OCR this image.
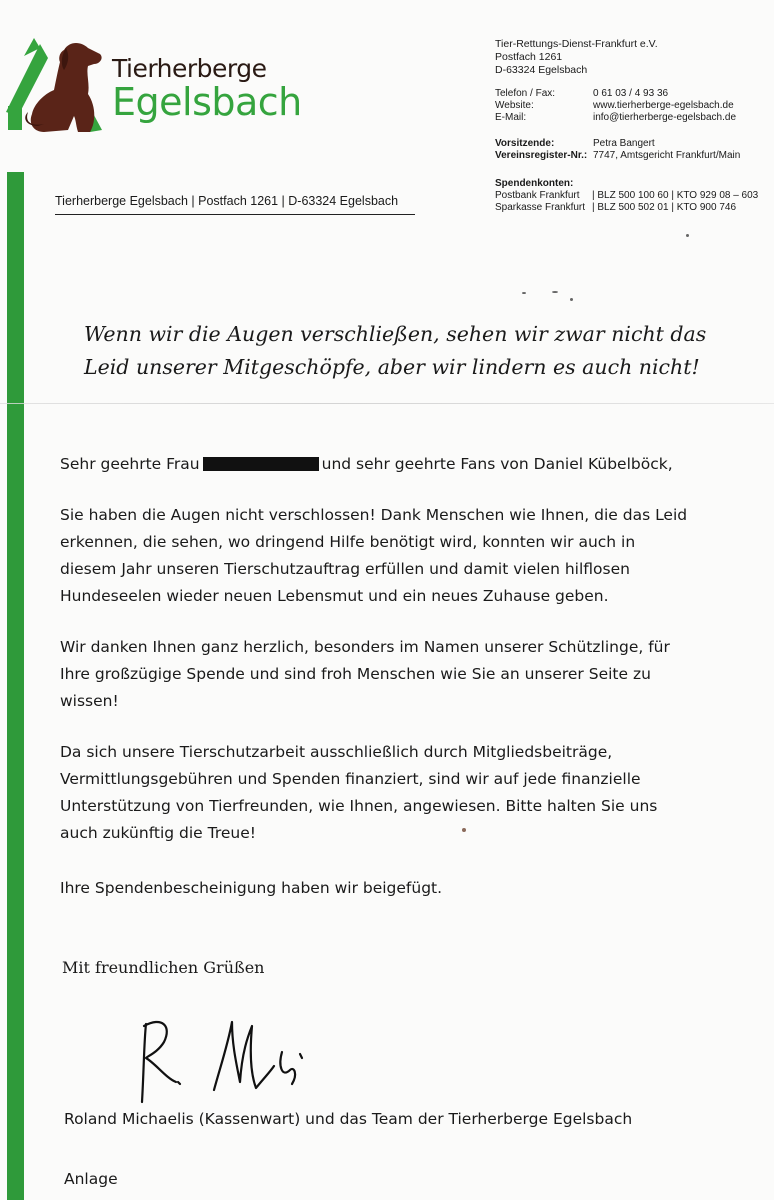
Tierherberge
Egelsbach
Tierherberge Egelsbach | Postfach 1261 | D-63324 Egelsbach
Tier-Rettungs-Dienst-Frankfurt e.V.
Postfach 1261
D-63324 Egelsbach
Telefon / Fax:	0 61 03 / 4 93 36
Website:	www.tierherberge-egelsbach.de
E-Mail:	info@tierherberge-egelsbach.de
Vorsitzende:	Petra Bangert
Vereinsregister-Nr.: 7747, Amtsgericht Frankfurt/Main
Spendenkonten:
Postbank Frankfurt	| BLZ 500 100 60 | KTO 929 08 – 603
Sparkasse Frankfurt | BLZ 500 502 01 | KTO 900 746
Wenn wir die Augen verschließen, sehen wir zwar nicht das
Leid unserer Mitgeschöpfe, aber wir lindern es auch nicht!
Sehr geehrte Frau	und sehr geehrte Fans von Daniel Kübelböck,
Sie haben die Augen nicht verschlossen! Dank Menschen wie Ihnen, die das Leid
erkennen, die sehen, wo dringend Hilfe benötigt wird, konnten wir auch in
diesem Jahr unseren Tierschutzauftrag erfüllen und damit vielen hilflosen
Hundeseelen wieder neuen Lebensmut und ein neues Zuhause geben.
Wir danken Ihnen ganz herzlich, besonders im Namen unserer Schützlinge, für
Ihre großzügige Spende und sind froh Menschen wie Sie an unserer Seite zu
wissen!
Da sich unsere Tierschutzarbeit ausschließlich durch Mitgliedsbeiträge,
Vermittlungsgebühren und Spenden finanziert, sind wir auf jede finanzielle
Unterstützung von Tierfreunden, wie Ihnen, angewiesen. Bitte halten Sie uns
auch zukünftig die Treue!
Ihre Spendenbescheinigung haben wir beigefügt.
Mit freundlichen Grüßen
Roland Michaelis (Kassenwart) und das Team der Tierherberge Egelsbach
Anlage
